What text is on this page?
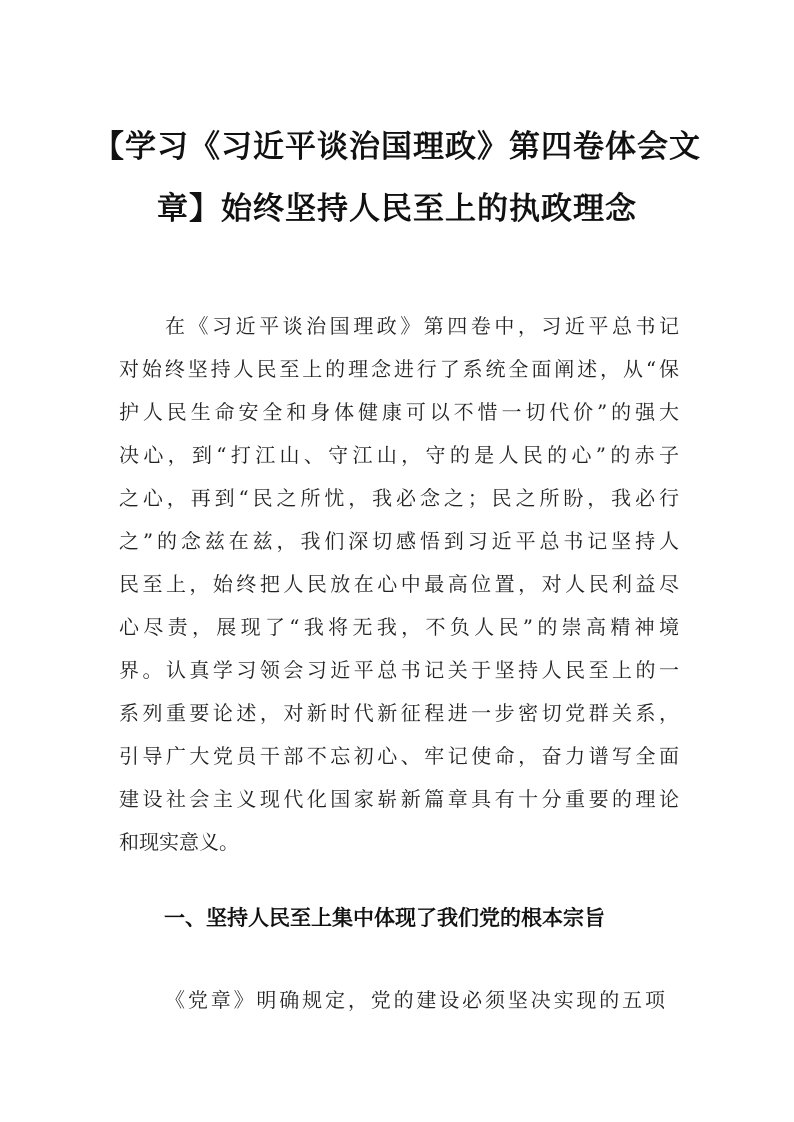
【学习《习近平谈治国理政》第四卷体会文
章】始终坚持人民至上的执政理念
在《习近平谈治国理政》第四卷中，习近平总书记
对始终坚持人民至上的理念进行了系统全面阐述，从“保
护人民生命安全和身体健康可以不惜一切代价”的强大
决心，到“打江山、守江山，守的是人民的心”的赤子
之心，再到“民之所忧，我必念之；民之所盼，我必行
之”的念兹在兹，我们深切感悟到习近平总书记坚持人
民至上，始终把人民放在心中最高位置，对人民利益尽
心尽责，展现了“我将无我，不负人民”的崇高精神境
界。认真学习领会习近平总书记关于坚持人民至上的一
系列重要论述，对新时代新征程进一步密切党群关系，
引导广大党员干部不忘初心、牢记使命，奋力谱写全面
建设社会主义现代化国家崭新篇章具有十分重要的理论
和现实意义。
一、坚持人民至上集中体现了我们党的根本宗旨
《党章》明确规定，党的建设必须坚决实现的五项
